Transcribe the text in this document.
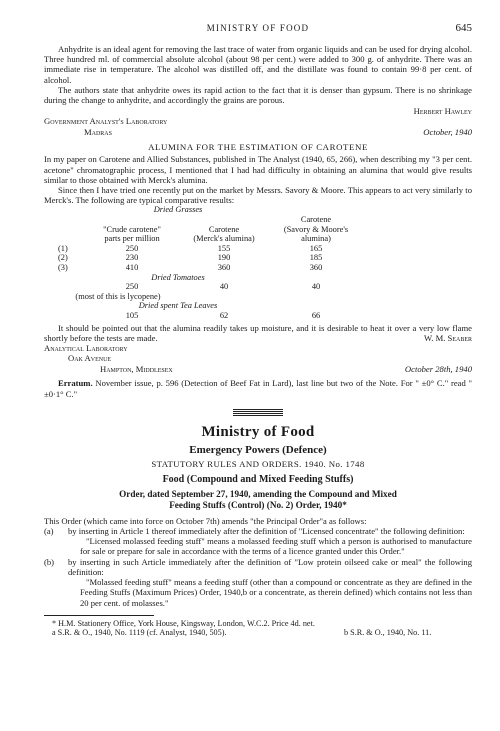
MINISTRY OF FOOD	645

Anhydrite is an ideal agent for removing the last trace of water from organic liquids and can be used for drying alcohol. Three hundred ml. of commercial absolute alcohol (about 98 per cent.) were added to 300 g. of anhydrite. There was an immediate rise in temperature. The alcohol was distilled off, and the distillate was found to contain 99·8 per cent. of alcohol.

The authors state that anhydrite owes its rapid action to the fact that it is denser than gypsum. There is no shrinkage during the change to anhydrite, and accordingly the grains are porous.

Herbert Hawley
Government Analyst's Laboratory
Madras	October, 1940
ALUMINA FOR THE ESTIMATION OF CAROTENE

In my paper on Carotene and Allied Substances, published in The Analyst (1940, 65, 266), when describing my "3 per cent. acetone" chromatographic process, I mentioned that I had had difficulty in obtaining an alumina that would give results similar to those obtained with Merck's alumina.

Since then I have tried one recently put on the market by Messrs. Savory & Moore. This appears to act very similarly to Merck's. The following are typical comparative results:

	Dried Grasses		
			Carotene
	"Crude carotene"	Carotene	(Savory & Moore's
	parts per million	(Merck's alumina)	alumina)
(1)	250	155	165
(2)	230	190	185
(3)	410	360	360
	Dried Tomatoes		
	250	40	40
(most of this is lycopene)			
	Dried spent Tea Leaves		
	105	62	66

It should be pointed out that the alumina readily takes up moisture, and it is desirable to heat it over a very low flame shortly before the tests are made.	W. M. Seaber

Analytical Laboratory
Oak Avenue
Hampton, Middlesex	October 28th, 1940

Erratum. November issue, p. 596 (Detection of Beef Fat in Lard), last line but two of the Note. For " ±0° C." read " ±0·1° C."

Ministry of Food
Emergency Powers (Defence)
STATUTORY RULES AND ORDERS. 1940. No. 1748
Food (Compound and Mixed Feeding Stuffs)
Order, dated September 27, 1940, amending the Compound and Mixed
Feeding Stuffs (Control) (No. 2) Order, 1940*

This Order (which came into force on October 7th) amends "the Principal Order"a as follows:

(a) by inserting in Article 1 thereof immediately after the definition of "Licensed concentrate" the following definition:

"Licensed molassed feeding stuff" means a molassed feeding stuff which a person is authorised to manufacture for sale or prepare for sale in accordance with the terms of a licence granted under this Order."

(b) by inserting in such Article immediately after the definition of "Low protein oilseed cake or meal" the following definition:

"Molassed feeding stuff" means a feeding stuff (other than a compound or concentrate as they are defined in the Feeding Stuffs (Maximum Prices) Order, 1940,b or a concentrate, as therein defined) which contains not less than 20 per cent. of molasses."

* H.M. Stationery Office, York House, Kingsway, London, W.C.2. Price 4d. net.
a S.R. & O., 1940, No. 1119 (cf. Analyst, 1940, 505).	b S.R. & O., 1940, No. 11.
